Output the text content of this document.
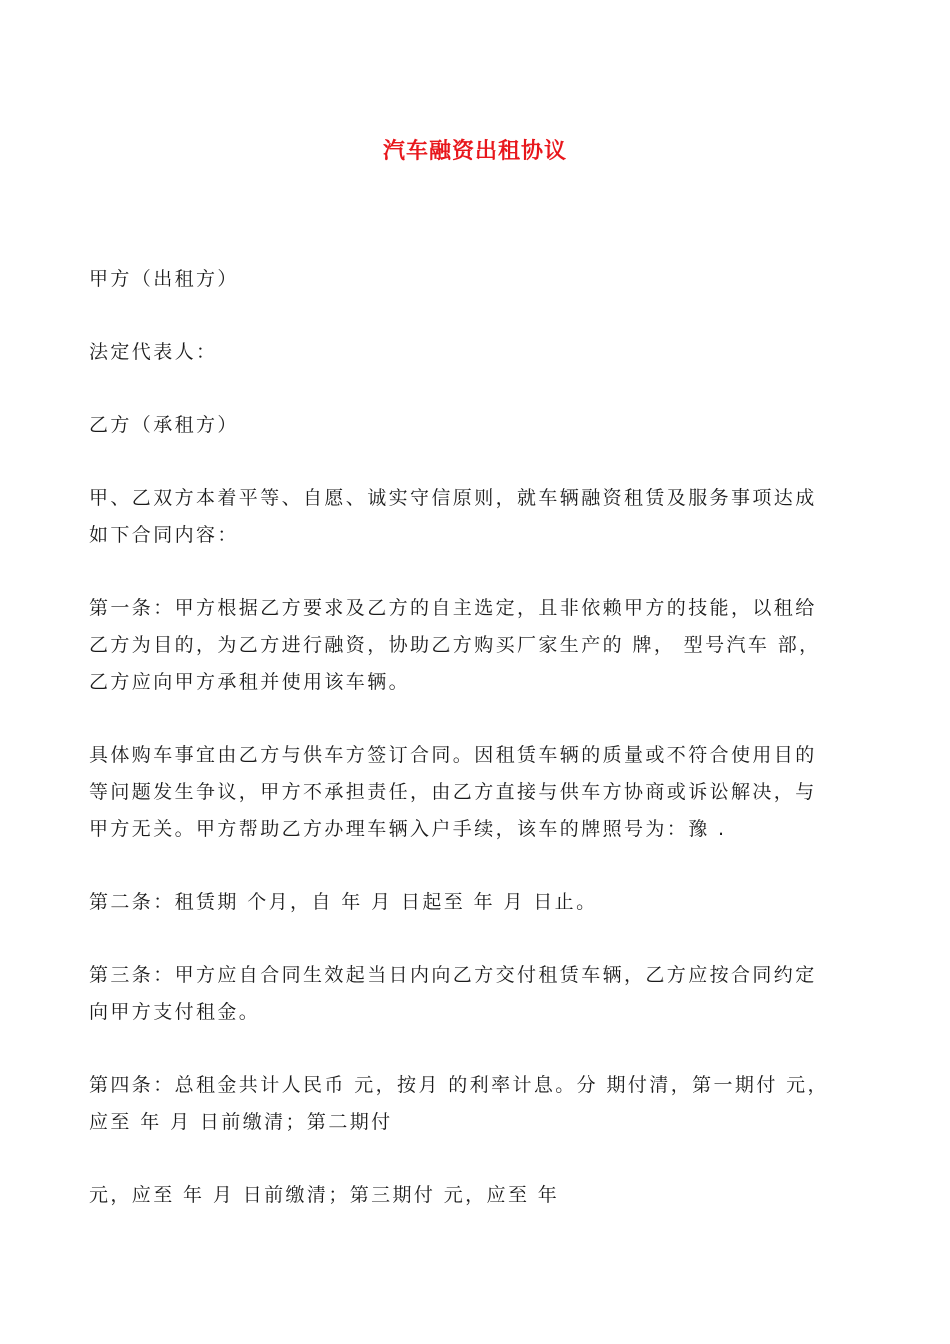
汽车融资出租协议

甲方（出租方）

法定代表人：

乙方（承租方）

甲、乙双方本着平等、自愿、诚实守信原则，就车辆融资租赁及服务事项达成
如下合同内容：

第一条：甲方根据乙方要求及乙方的自主选定，且非依赖甲方的技能，以租给
乙方为目的，为乙方进行融资，协助乙方购买厂家生产的 牌， 型号汽车 部，
乙方应向甲方承租并使用该车辆。

具体购车事宜由乙方与供车方签订合同。因租赁车辆的质量或不符合使用目的
等问题发生争议，甲方不承担责任，由乙方直接与供车方协商或诉讼解决，与
甲方无关。甲方帮助乙方办理车辆入户手续，该车的牌照号为：豫 .

第二条：租赁期 个月，自 年 月 日起至 年 月 日止。

第三条：甲方应自合同生效起当日内向乙方交付租赁车辆，乙方应按合同约定
向甲方支付租金。

第四条：总租金共计人民币 元，按月 的利率计息。分 期付清，第一期付 元，
应至 年 月 日前缴清；第二期付

元，应至 年 月 日前缴清；第三期付 元，应至 年
